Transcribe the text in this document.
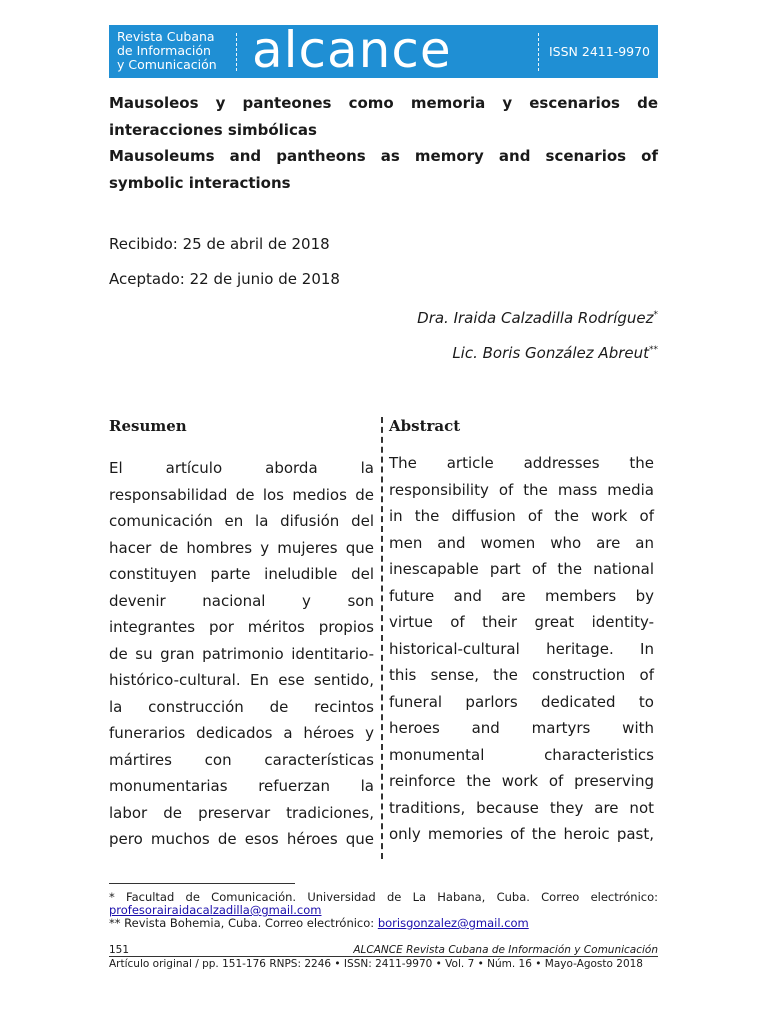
Revista Cubana
de Información
y Comunicación alcance	ISSN 2411-9970
Mausoleos y panteones como memoria y escenarios de interacciones simbólicas
Mausoleums and pantheons as memory and scenarios of symbolic interactions
Recibido: 25 de abril de 2018
Aceptado: 22 de junio de 2018
Dra. Iraida Calzadilla Rodríguez*
Lic. Boris González Abreut**
Resumen	Abstract
El artículo aborda la
responsabilidad de los medios de
comunicación en la difusión del
hacer de hombres y mujeres que
constituyen parte ineludible del
devenir nacional y son
integrantes por méritos propios
de su gran patrimonio identitario-
histórico-cultural. En ese sentido,
la construcción de recintos
funerarios dedicados a héroes y
mártires con características
monumentarias refuerzan la
labor de preservar tradiciones,
pero muchos de esos héroes que
The article addresses the
responsibility of the mass media
in the diffusion of the work of
men and women who are an
inescapable part of the national
future and are members by
virtue of their great identity-
historical-cultural heritage. In
this sense, the construction of
funeral parlors dedicated to
heroes and martyrs with
monumental characteristics
reinforce the work of preserving
traditions, because they are not
only memories of the heroic past,
* Facultad de Comunicación. Universidad de La Habana, Cuba. Correo electrónico:
profesorairaidacalzadilla@gmail.com
** Revista Bohemia, Cuba. Correo electrónico: borisgonzalez@gmail.com
151	ALCANCE Revista Cubana de Información y Comunicación
Artículo original / pp. 151-176 RNPS: 2246 • ISSN: 2411-9970 • Vol. 7 • Núm. 16 • Mayo-Agosto 2018
